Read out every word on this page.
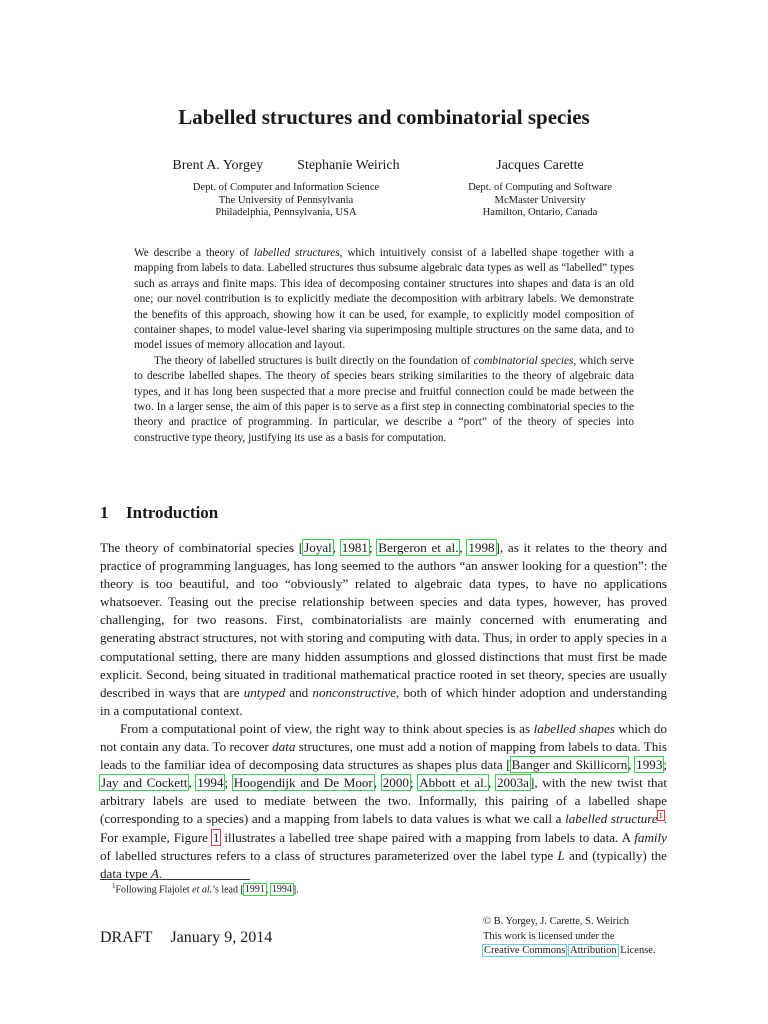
Labelled structures and combinatorial species
Brent A. Yorgey Stephanie Weirich
Dept. of Computer and Information Science
The University of Pennsylvania
Philadelphia, Pennsylvania, USA
Jacques Carette
Dept. of Computing and Software
McMaster University
Hamilton, Ontario, Canada

We describe a theory of labelled structures, which intuitively consist of a labelled shape together with a mapping from labels to data. Labelled structures thus subsume algebraic data types as well as “labelled” types such as arrays and finite maps. This idea of decomposing container structures into shapes and data is an old one; our novel contribution is to explicitly mediate the decomposition with arbitrary labels. We demonstrate the benefits of this approach, showing how it can be used, for example, to explicitly model composition of container shapes, to model value-level sharing via superimposing multiple structures on the same data, and to model issues of memory allocation and layout.

The theory of labelled structures is built directly on the foundation of combinatorial species, which serve to describe labelled shapes. The theory of species bears striking similarities to the theory of algebraic data types, and it has long been suspected that a more precise and fruitful connection could be made between the two. In a larger sense, the aim of this paper is to serve as a first step in connecting combinatorial species to the theory and practice of programming. In particular, we describe a “port” of the theory of species into constructive type theory, justifying its use as a basis for computation.

1 Introduction

The theory of combinatorial species [Joyal, 1981; Bergeron et al., 1998], as it relates to the theory and practice of programming languages, has long seemed to the authors “an answer looking for a question”: the theory is too beautiful, and too “obviously” related to algebraic data types, to have no applications whatsoever. Teasing out the precise relationship between species and data types, however, has proved challenging, for two reasons. First, combinatorialists are mainly concerned with enumerating and generating abstract structures, not with storing and computing with data. Thus, in order to apply species in a computational setting, there are many hidden assumptions and glossed distinctions that must first be made explicit. Second, being situated in traditional mathematical practice rooted in set theory, species are usually described in ways that are untyped and nonconstructive, both of which hinder adoption and understanding in a computational context.

From a computational point of view, the right way to think about species is as labelled shapes which do not contain any data. To recover data structures, one must add a notion of mapping from labels to data. This leads to the familiar idea of decomposing data structures as shapes plus data [Banger and Skillicorn, 1993; Jay and Cockett, 1994; Hoogendijk and De Moor, 2000; Abbott et al., 2003a], with the new twist that arbitrary labels are used to mediate between the two. Informally, this pairing of a labelled shape (corresponding to a species) and a mapping from labels to data values is what we call a labelled structure$^1$. For example, Figure 1 illustrates a labelled tree shape paired with a mapping from labels to data. A family of labelled structures refers to a class of structures parameterized over the label type L and (typically) the data type A.

$^1$Following Flajolet et al.’s lead [1991, 1994].
DRAFT January 9, 2014
© B. Yorgey, J. Carette, S. Weirich
This work is licensed under the
Creative Commons Attribution License.
